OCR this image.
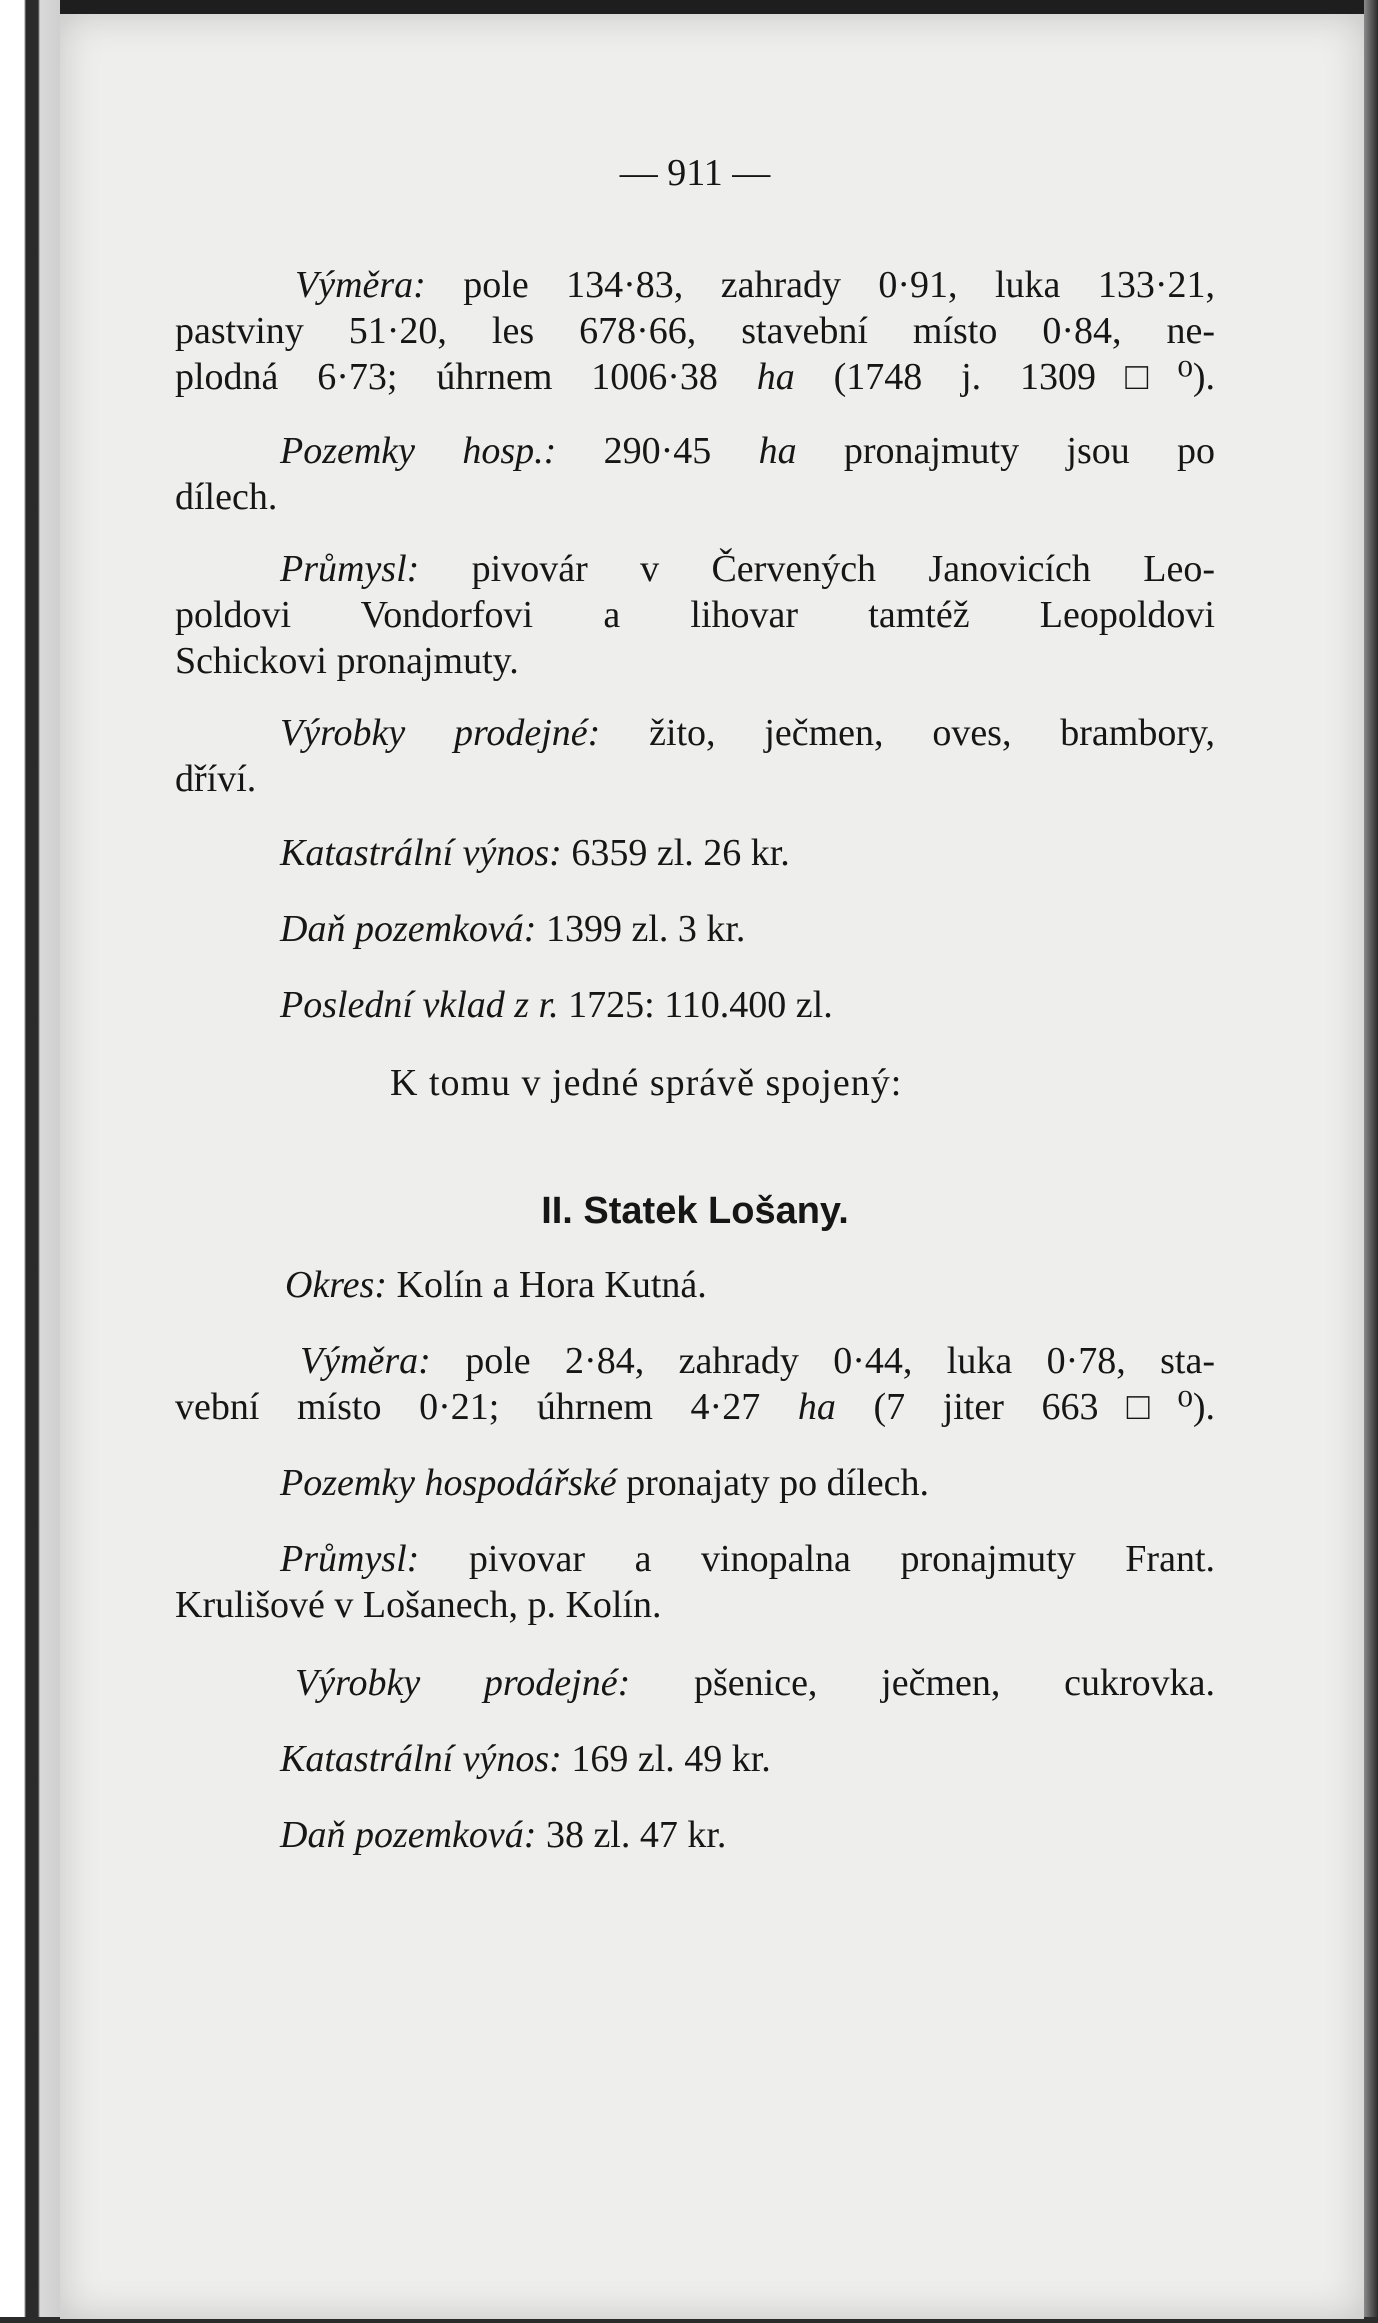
— 911 —
Výměra: pole 134·83, zahrady 0·91, luka 133·21,
pastviny 51·20, les 678·66, stavební místo 0·84, ne-
plodná 6·73; úhrnem 1006·38 ha (1748 j. 1309□⁰).
Pozemky hosp.: 290·45 ha pronajmuty jsou po
dílech.
Průmysl: pivovár v Červených Janovicích Leo-
poldovi Vondorfovi a lihovar tamtéž Leopoldovi
Schickovi pronajmuty.
Výrobky prodejné: žito, ječmen, oves, brambory,
dříví.
Katastrální výnos: 6359 zl. 26 kr.
Daň pozemková: 1399 zl. 3 kr.
Poslední vklad z r. 1725: 110.400 zl.
K tomu v jedné správě spojený:
II. Statek Lošany.
Okres: Kolín a Hora Kutná.
Výměra: pole 2·84, zahrady 0·44, luka 0·78, sta-
vební místo 0·21; úhrnem 4·27 ha (7 jiter 663□⁰).
Pozemky hospodářské pronajaty po dílech.
Průmysl: pivovar a vinopalna pronajmuty Frant.
Krulišové v Lošanech, p. Kolín.
Výrobky prodejné: pšenice, ječmen, cukrovka.
Katastrální výnos: 169 zl. 49 kr.
Daň pozemková: 38 zl. 47 kr.
